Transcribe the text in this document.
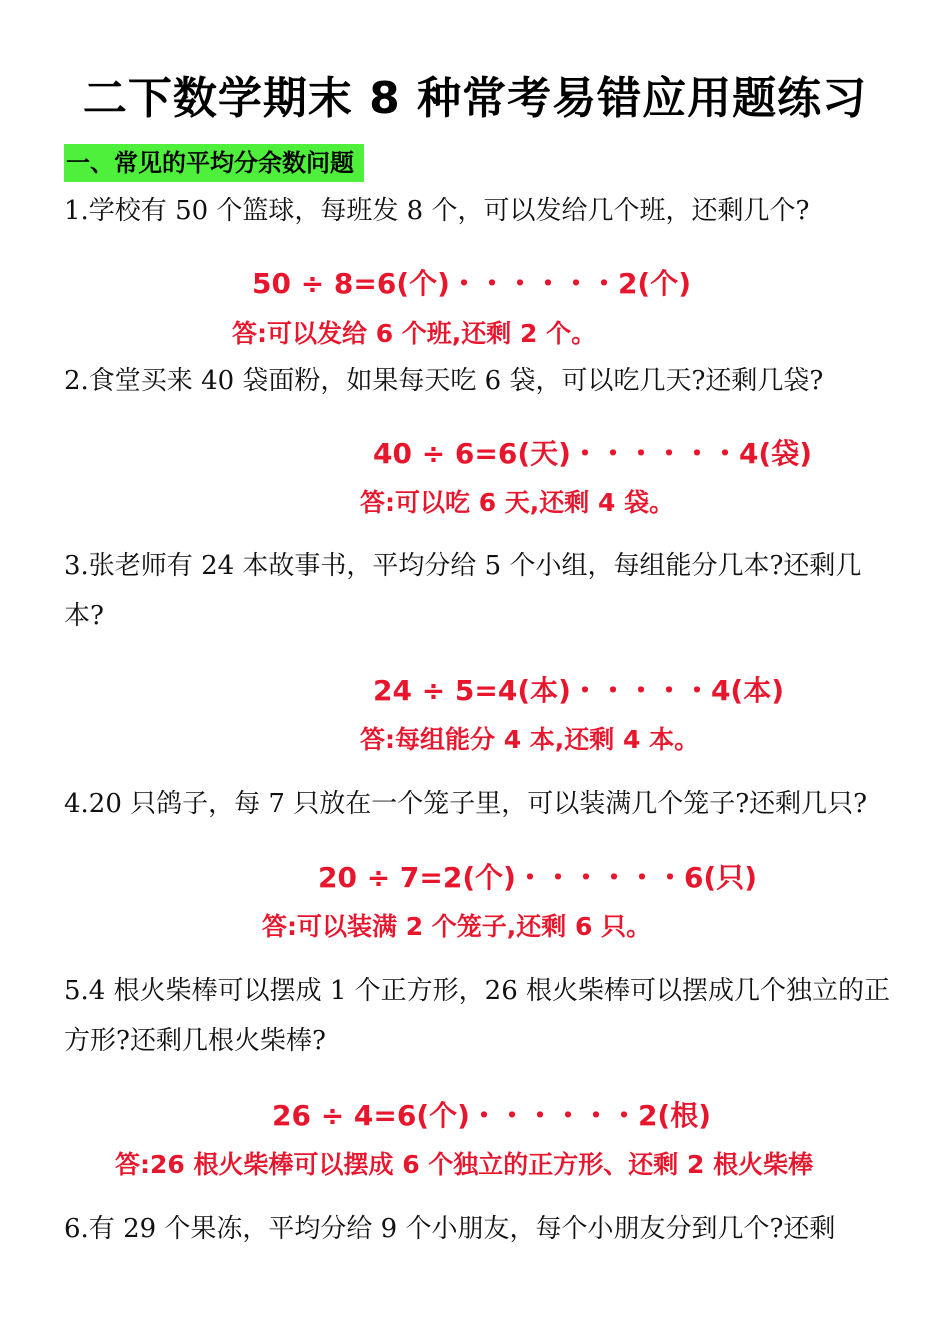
二下数学期末 8 种常考易错应用题练习
一、常见的平均分余数问题
1.学校有 50 个篮球，每班发 8 个，可以发给几个班，还剩几个?
50 ÷ 8=6(个)・・・・・・2(个)
答:可以发给 6 个班,还剩 2 个。
2.食堂买来 40 袋面粉，如果每天吃 6 袋，可以吃几天?还剩几袋?
40 ÷ 6=6(天)・・・・・・4(袋)
答:可以吃 6 天,还剩 4 袋。
3.张老师有 24 本故事书，平均分给 5 个小组，每组能分几本?还剩几本?
24 ÷ 5=4(本)・・・・・4(本)
答:每组能分 4 本,还剩 4 本。
4.20 只鸽子，每 7 只放在一个笼子里，可以装满几个笼子?还剩几只?
20 ÷ 7=2(个)・・・・・・6(只)
答:可以装满 2 个笼子,还剩 6 只。
5.4 根火柴棒可以摆成 1 个正方形，26 根火柴棒可以摆成几个独立的正方形?还剩几根火柴棒?
26 ÷ 4=6(个)・・・・・・2(根)
答:26 根火柴棒可以摆成 6 个独立的正方形、还剩 2 根火柴棒
6.有 29 个果冻，平均分给 9 个小朋友，每个小朋友分到几个?还剩
